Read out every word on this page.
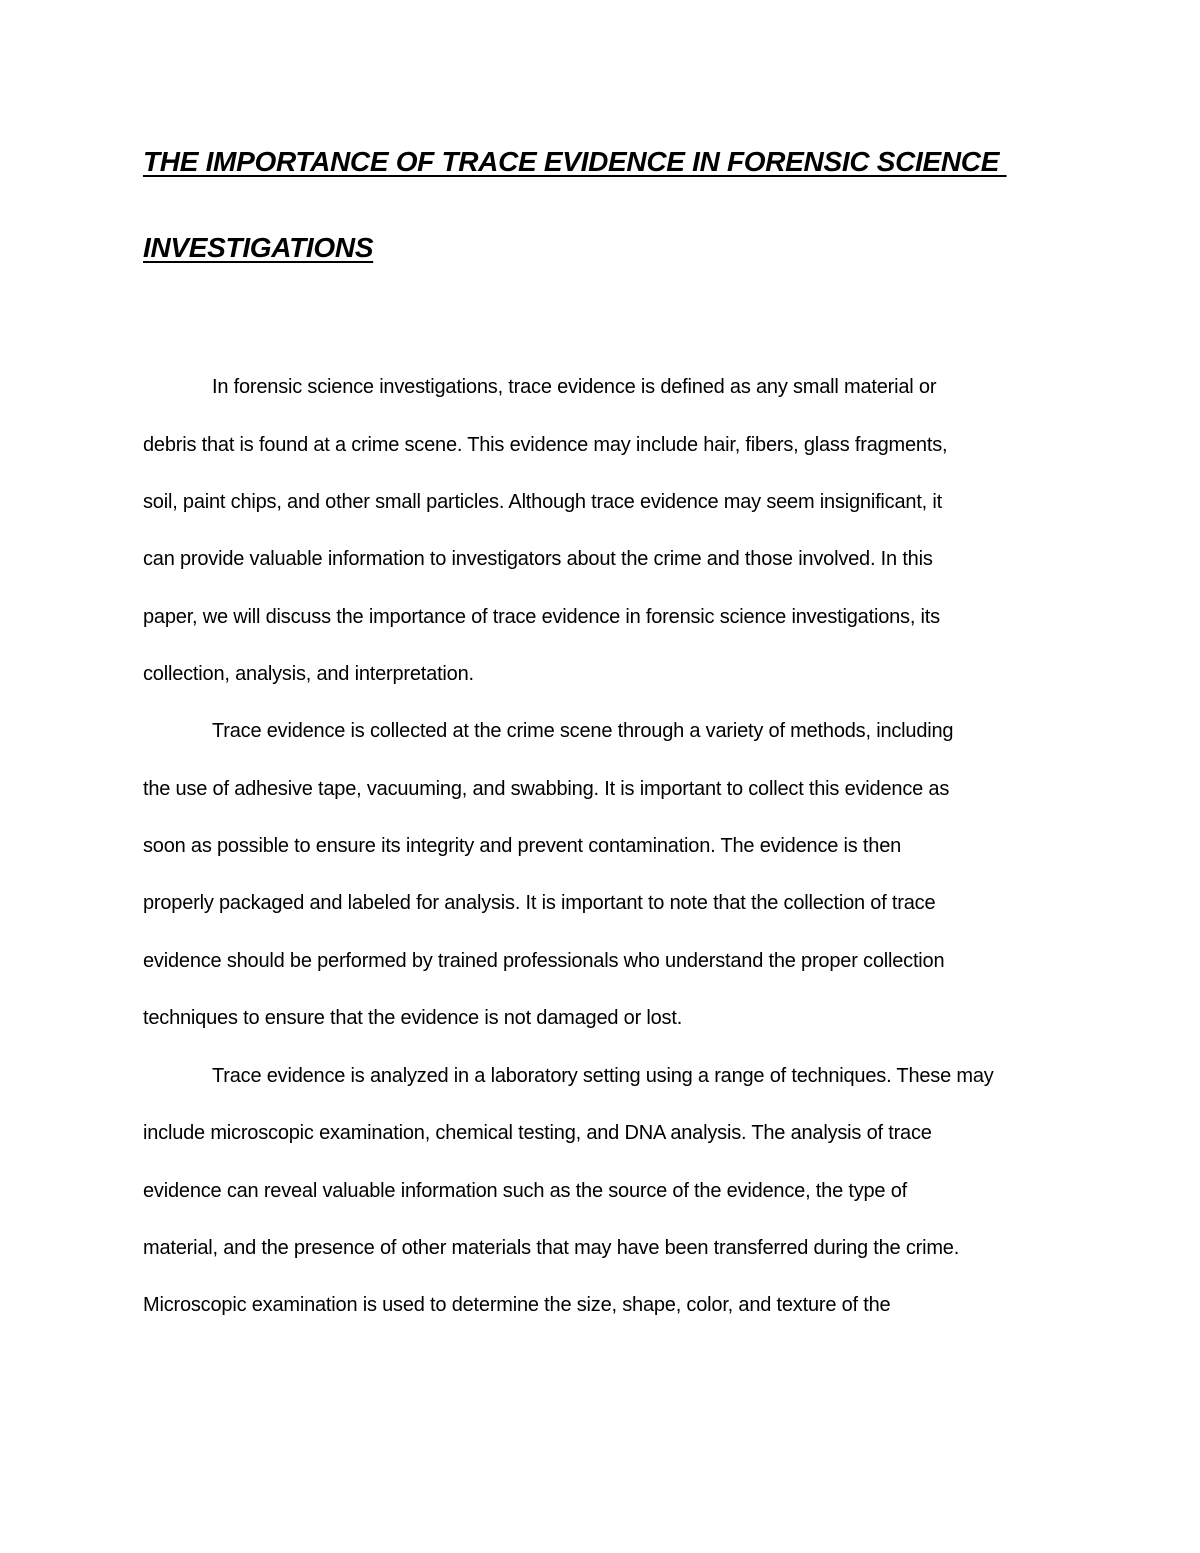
THE IMPORTANCE OF TRACE EVIDENCE IN FORENSIC SCIENCE
INVESTIGATIONS
In forensic science investigations, trace evidence is defined as any small material or
debris that is found at a crime scene. This evidence may include hair, fibers, glass fragments,
soil, paint chips, and other small particles. Although trace evidence may seem insignificant, it
can provide valuable information to investigators about the crime and those involved. In this
paper, we will discuss the importance of trace evidence in forensic science investigations, its
collection, analysis, and interpretation.
Trace evidence is collected at the crime scene through a variety of methods, including
the use of adhesive tape, vacuuming, and swabbing. It is important to collect this evidence as
soon as possible to ensure its integrity and prevent contamination. The evidence is then
properly packaged and labeled for analysis. It is important to note that the collection of trace
evidence should be performed by trained professionals who understand the proper collection
techniques to ensure that the evidence is not damaged or lost.
Trace evidence is analyzed in a laboratory setting using a range of techniques. These may
include microscopic examination, chemical testing, and DNA analysis. The analysis of trace
evidence can reveal valuable information such as the source of the evidence, the type of
material, and the presence of other materials that may have been transferred during the crime.
Microscopic examination is used to determine the size, shape, color, and texture of the
